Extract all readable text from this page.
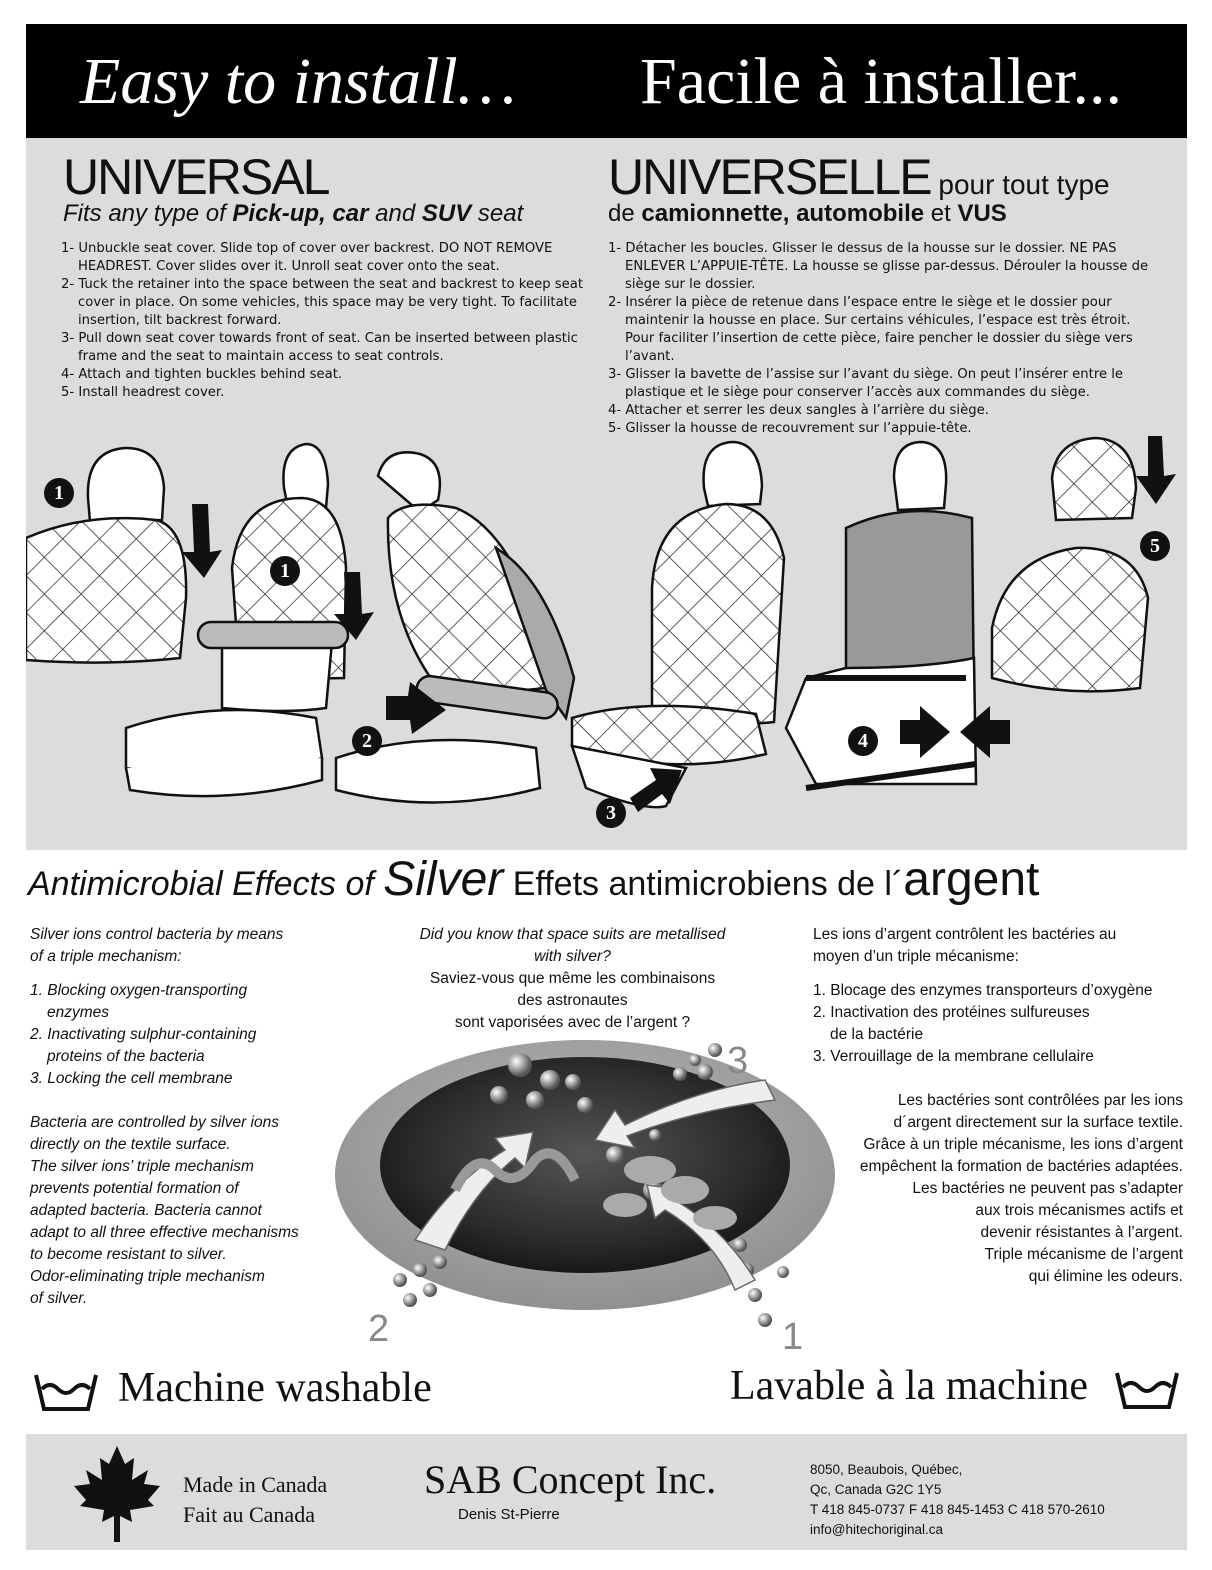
Easy to install… Facile à installer...
UNIVERSAL
Fits any type of Pick-up, car and SUV seat
1- Unbuckle seat cover. Slide top of cover over backrest. DO NOT REMOVE HEADREST. Cover slides over it. Unroll seat cover onto the seat.
2- Tuck the retainer into the space between the seat and backrest to keep seat cover in place. On some vehicles, this space may be very tight. To facilitate insertion, tilt backrest forward.
3- Pull down seat cover towards front of seat. Can be inserted between plastic frame and the seat to maintain access to seat controls.
4- Attach and tighten buckles behind seat.
5- Install headrest cover.
UNIVERSELLE pour tout type
de camionnette, automobile et VUS
1- Détacher les boucles. Glisser le dessus de la housse sur le dossier. NE PAS ENLEVER L’APPUIE-TÊTE. La housse se glisse par-dessus. Dérouler la housse de siège sur le dossier.
2- Insérer la pièce de retenue dans l’espace entre le siège et le dossier pour maintenir la housse en place. Sur certains véhicules, l’espace est très étroit. Pour faciliter l’insertion de cette pièce, faire pencher le dossier du siège vers l’avant.
3- Glisser la bavette de l’assise sur l’avant du siège. On peut l’insérer entre le plastique et le siège pour conserver l’accès aux commandes du siège.
4- Attacher et serrer les deux sangles à l’arrière du siège.
5- Glisser la housse de recouvrement sur l’appuie-tête.
1
1
2
3
4
5
Antimicrobial Effects of Silver Effets antimicrobiens de l´argent
Silver ions control bacteria by means
of a triple mechanism:
1. Blocking oxygen-transporting
enzymes
2. Inactivating sulphur-containing
proteins of the bacteria
3. Locking the cell membrane
Bacteria are controlled by silver ions
directly on the textile surface.
The silver ions’ triple mechanism
prevents potential formation of
adapted bacteria. Bacteria cannot
adapt to all three effective mechanisms
to become resistant to silver.
Odor-eliminating triple mechanism
of silver.
Did you know that space suits are metallised
with silver?
Saviez-vous que même les combinaisons
des astronautes
sont vaporisées avec de l’argent ?
Les ions d’argent contrôlent les bactéries au
moyen d’un triple mécanisme:
1. Blocage des enzymes transporteurs d’oxygène
2. Inactivation des protéines sulfureuses
de la bactérie
3. Verrouillage de la membrane cellulaire
Les bactéries sont contrôlées par les ions
d´argent directement sur la surface textile.
Grâce à un triple mécanisme, les ions d’argent
empêchent la formation de bactéries adaptées.
Les bactéries ne peuvent pas s’adapter
aux trois mécanismes actifs et
devenir résistantes à l’argent.
Triple mécanisme de l’argent
qui élimine les odeurs.
3
2	1
Machine washable	Lavable à la machine
Made in Canada
Fait au Canada
SAB Concept Inc.
Denis St-Pierre
8050, Beaubois, Québec,
Qc, Canada G2C 1Y5
T 418 845-0737 F 418 845-1453 C 418 570-2610
info@hitechoriginal.ca
